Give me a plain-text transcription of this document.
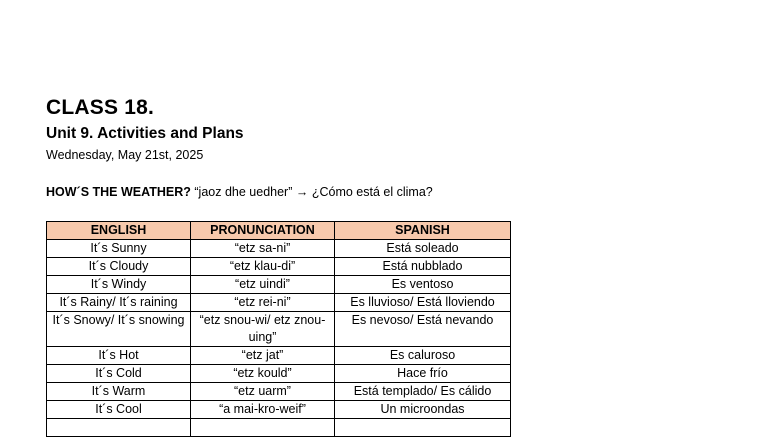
CLASS 18.
Unit 9. Activities and Plans
Wednesday, May 21st, 2025
HOW´S THE WEATHER? “jaoz dhe uedher” → ¿Cómo está el clima?
ENGLISH	PRONUNCIATION	SPANISH
It´s Sunny	“etz sa-ni”	Está soleado
It´s Cloudy	“etz klau-di”	Está nubblado
It´s Windy	“etz uindi”	Es ventoso
It´s Rainy/ It´s raining	“etz rei-ni”	Es lluvioso/ Está lloviendo
It´s Snowy/ It´s snowing	“etz snou-wi/ etz znou-uing”	Es nevoso/ Está nevando
It´s Hot	“etz jat”	Es caluroso
It´s Cold	“etz kould”	Hace frío
It´s Warm	“etz uarm”	Está templado/ Es cálido
It´s Cool	“a mai-kro-weif”	Un microondas
